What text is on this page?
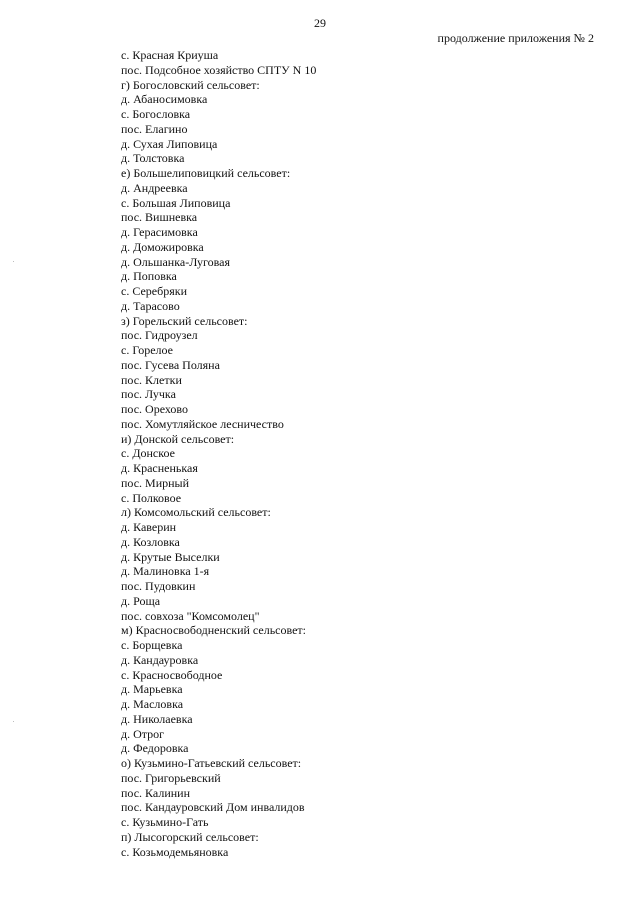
29
продолжение приложения № 2
с. Красная Криуша
пос. Подсобное хозяйство СПТУ N 10
г) Богословский сельсовет:
д. Абаносимовка
с. Богословка
пос. Елагино
д. Сухая Липовица
д. Толстовка
е) Большелиповицкий сельсовет:
д. Андреевка
с. Большая Липовица
пос. Вишневка
д. Герасимовка
д. Доможировка
д. Ольшанка-Луговая
д. Поповка
с. Серебряки
д. Тарасово
з) Горельский сельсовет:
пос. Гидроузел
с. Горелое
пос. Гусева Поляна
пос. Клетки
пос. Лучка
пос. Орехово
пос. Хомутляйское лесничество
и) Донской сельсовет:
с. Донское
д. Красненькая
пос. Мирный
с. Полковое
л) Комсомольский сельсовет:
д. Каверин
д. Козловка
д. Крутые Выселки
д. Малиновка 1-я
пос. Пудовкин
д. Роща
пос. совхоза "Комсомолец"
м) Красносвободненский сельсовет:
с. Борщевка
д. Кандауровка
с. Красносвободное
д. Марьевка
д. Масловка
д. Николаевка
д. Отрог
д. Федоровка
о) Кузьмино-Гатьевский сельсовет:
пос. Григорьевский
пос. Калинин
пос. Кандауровский Дом инвалидов
с. Кузьмино-Гать
п) Лысогорский сельсовет:
с. Козьмодемьяновка
